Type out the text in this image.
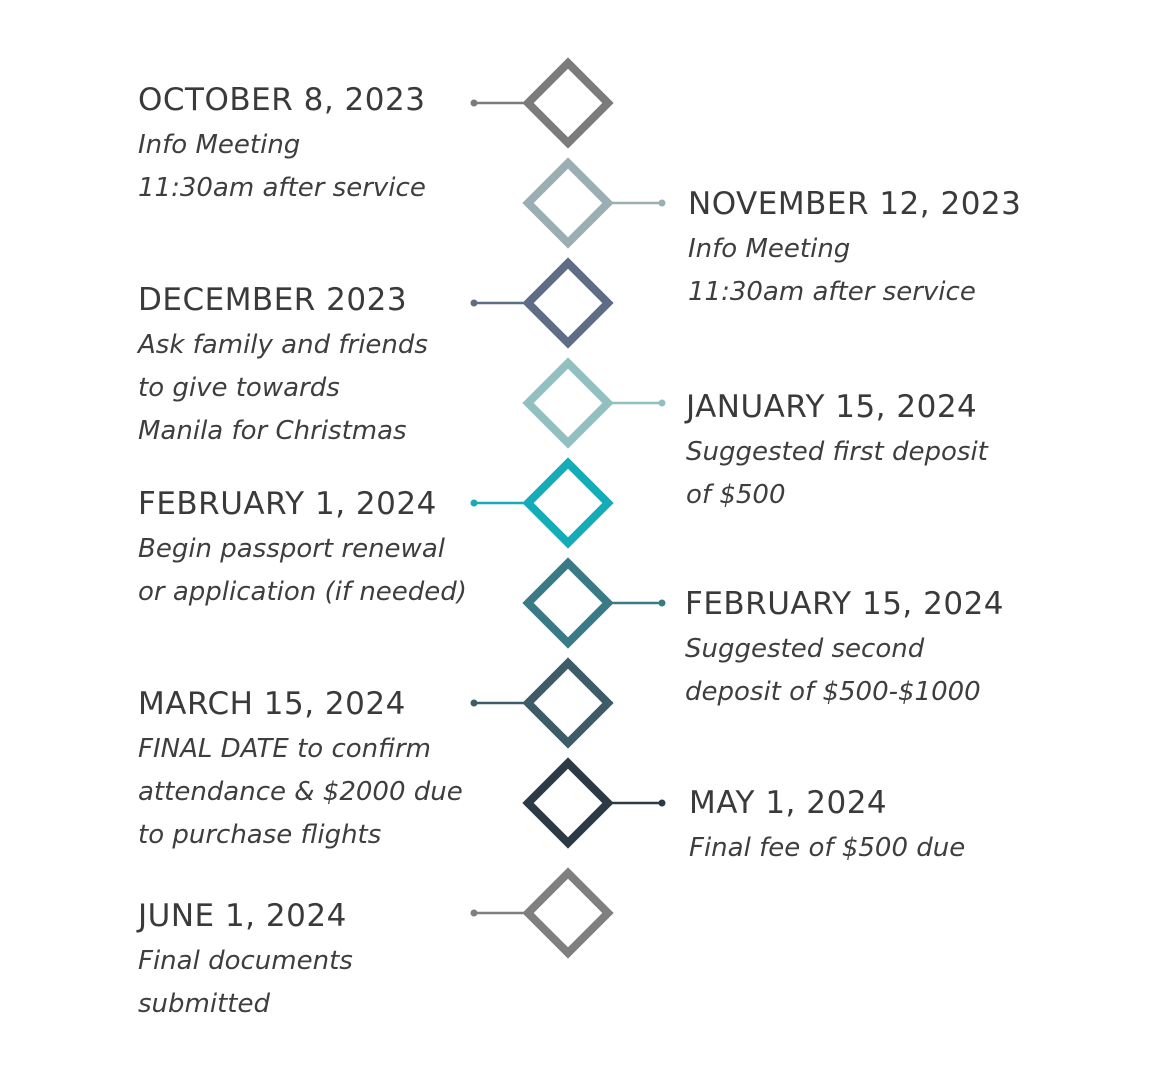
OCTOBER 8, 2023
Info Meeting
11:30am after service	NOVEMBER 12, 2023
Info Meeting
11:30am after service
DECEMBER 2023
Ask family and friends
to give towards
Manila for Christmas
JANUARY 15, 2024
Suggested first deposit
of $500
FEBRUARY 1, 2024
Begin passport renewal
or application (if needed)	FEBRUARY 15, 2024
Suggested second
deposit of $500-$1000
MARCH 15, 2024
FINAL DATE to confirm
attendance & $2000 due
to purchase flights
MAY 1, 2024
Final fee of $500 due
JUNE 1, 2024
Final documents
submitted
